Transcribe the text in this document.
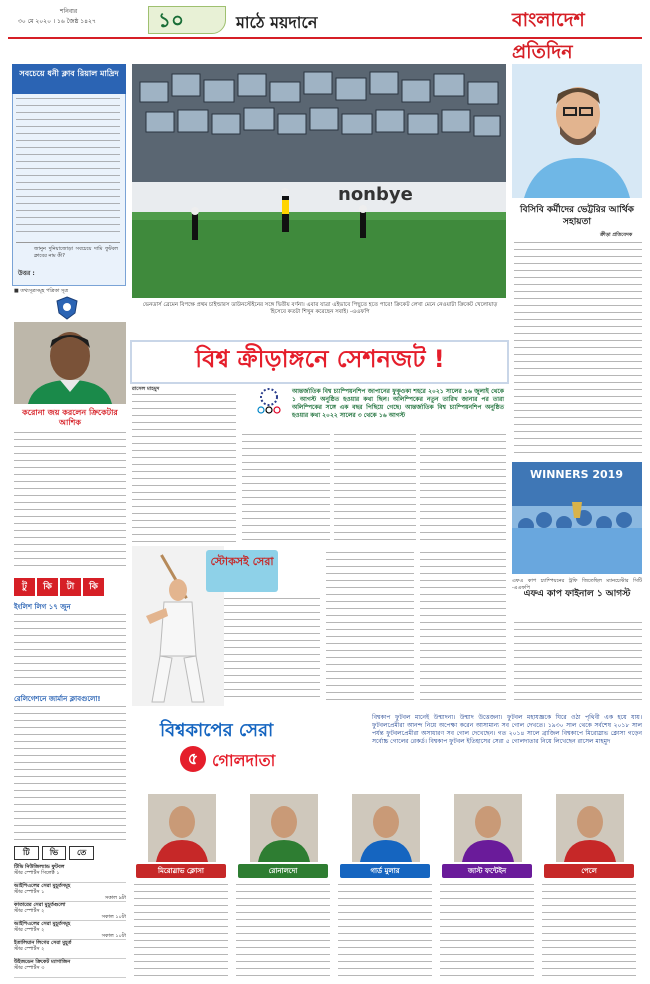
শনিবার
৩০ মে ২০২০ । ১৬ জৈষ্ঠ ১৪২৭	১০	মাঠে ময়দানে	বাংলাদেশ প্রতিদিন
সবচেয়ে ধনী ক্লাব রিয়াল মাদ্রিদ
জানুন দুনিয়াজোড়া সবচেয়ে দামি ফুটবল ক্লাবের নাম কী?
উত্তর :
■ তথ্যসূত্রসমূহ পত্রিকা সূত্র
করোনা জয় করলেন ক্রিকেটার আশিক
টু	কি	টা	কি
ইংলিশ লিগ ১৭ জুন
রেলিগেশনে জার্মান ক্লাবগুলো!
টি	ভি	তে
টিভি নিউজিল্যান্ড ফুটবল
স্টার স্পোর্টস সিলেক্ট ১
আইপিএলের সেরা মুহূর্তসমূহ
স্টার স্পোর্টস ১
সকাল ৯টা
কাতারের সেরা মুহূর্তগুলো
স্টার স্পোর্টস ২
সকাল ১০টা
আইপিএলের সেরা মুহূর্তসমূহ
স্টার স্পোর্টস ২
সকাল ১০টা
ইতালিয়ান লিগের সেরা মুহূর্ত
স্টার স্পোর্টস ২
উইজডেন ক্রিকেট ম্যাগাজিন
স্টার স্পোর্টস ৩
nonbye
ভেনডার্স ব্রেমেন বিপক্ষে প্রথম চাইল্ডারস ডাউনস্টেইনের সঙ্গে দ্বিতীয় বর্ণনা। এবার যাত্রা এইভাবে পিছুতে হতে পারে! ক্রিকেট লেখা মেনে নেওয়াটা ক্রিকেট খেলোয়াড় হিসেবে কতটা শিখুন করেছেন সবাই। -এএফপি
বিসিবি কর্মীদের ভেট্টরির আর্থিক সহায়তা
ক্রীড়া প্রতিবেদক
বিশ্ব ক্রীড়াঙ্গনে সেশনজট !
রাসেল মাহমুদ	আন্তর্জাতিক বিশ্ব চ্যাম্পিয়নশিপ জাপানের ফুকুওকা শহরে ২০২১ সালের ১৬ জুলাই থেকে ১ আগস্ট অনুষ্ঠিত হওয়ার কথা ছিল। অলিম্পিকের নতুন তারিখ জানার পর তারা অলিম্পিকের সঙ্গে এক বছর পিছিয়ে গেছে। আন্তর্জাতিক বিশ্ব চ্যাম্পিয়নশিপ অনুষ্ঠিত হওয়ার কথা ২০২২ সালের ৩ থেকে ১৬ আগস্ট
স্টোকসই সেরা
WINNERS 2019
এফএ কাপ চ্যাম্পিয়নের ট্রফি জিতেছিল ম্যানচেস্টার সিটি -এএফপি
এফএ কাপ ফাইনাল ১ আগস্ট
বিশ্বকাপের সেরা
৫ গোলদাতা
বিশ্বকাপ ফুটবল মানেই উন্মাদনা। উন্মাদ উত্তেজনা। ফুটবল মহাযজ্ঞকে ঘিরে ওঠা পৃথিবী এক হয়ে যায়। ফুটবলপ্রেমীরা আনন্দ নিয়ে অপেক্ষা করেন আসামান্য সব গোল দেখতে। ১৯৩০ সাল থেকে সর্বশেষ ২০১৮ সাল পর্যন্ত ফুটবলপ্রেমীরা অসাধারণ সব গোল দেখেছেন। গত ২০১৪ সালে ব্রাজিল বিশ্বকাপে মিরোস্লাভ ক্লোসা গড়েন সর্বোচ্চ গোলের রেকর্ড। বিশ্বকাপ ফুটবল ইতিহাসের সেরা ৫ গোলদাতার নিয়ে লিখেছেন রাসেল মাহমুদ
মিরোস্লাভ ক্লোসা	রোনালদো	গার্ড মুলার	জাস্ট ফন্টেইন	পেলে
